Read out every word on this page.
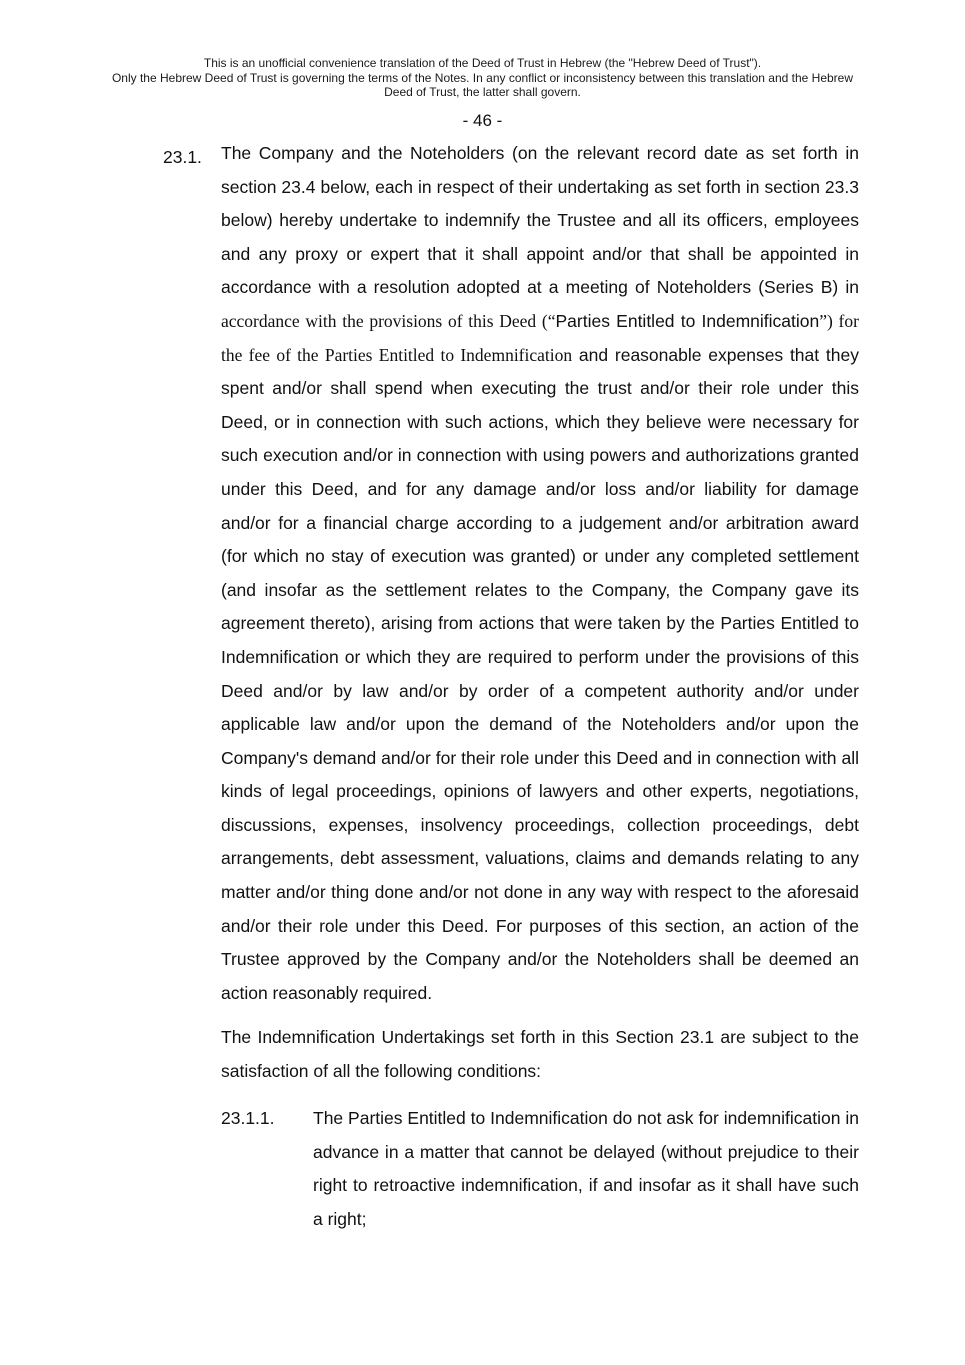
This is an unofficial convenience translation of the Deed of Trust in Hebrew (the "Hebrew Deed of Trust").
Only the Hebrew Deed of Trust is governing the terms of the Notes. In any conflict or inconsistency between this translation and the Hebrew
Deed of Trust, the latter shall govern.
- 46 -
23.1. The Company and the Noteholders (on the relevant record date as set forth in section 23.4 below, each in respect of their undertaking as set forth in section 23.3 below) hereby undertake to indemnify the Trustee and all its officers, employees and any proxy or expert that it shall appoint and/or that shall be appointed in accordance with a resolution adopted at a meeting of Noteholders (Series B) in accordance with the provisions of this Deed (“Parties Entitled to Indemnification”) for the fee of the Parties Entitled to Indemnification and reasonable expenses that they spent and/or shall spend when executing the trust and/or their role under this Deed, or in connection with such actions, which they believe were necessary for such execution and/or in connection with using powers and authorizations granted under this Deed, and for any damage and/or loss and/or liability for damage and/or for a financial charge according to a judgement and/or arbitration award (for which no stay of execution was granted) or under any completed settlement (and insofar as the settlement relates to the Company, the Company gave its agreement thereto), arising from actions that were taken by the Parties Entitled to Indemnification or which they are required to perform under the provisions of this Deed and/or by law and/or by order of a competent authority and/or under applicable law and/or upon the demand of the Noteholders and/or upon the Company's demand and/or for their role under this Deed and in connection with all kinds of legal proceedings, opinions of lawyers and other experts, negotiations, discussions, expenses, insolvency proceedings, collection proceedings, debt arrangements, debt assessment, valuations, claims and demands relating to any matter and/or thing done and/or not done in any way with respect to the aforesaid and/or their role under this Deed. For purposes of this section, an action of the Trustee approved by the Company and/or the Noteholders shall be deemed an action reasonably required.

The Indemnification Undertakings set forth in this Section 23.1 are subject to the satisfaction of all the following conditions:
23.1.1. The Parties Entitled to Indemnification do not ask for indemnification in advance in a matter that cannot be delayed (without prejudice to their right to retroactive indemnification, if and insofar as it shall have such a right;
